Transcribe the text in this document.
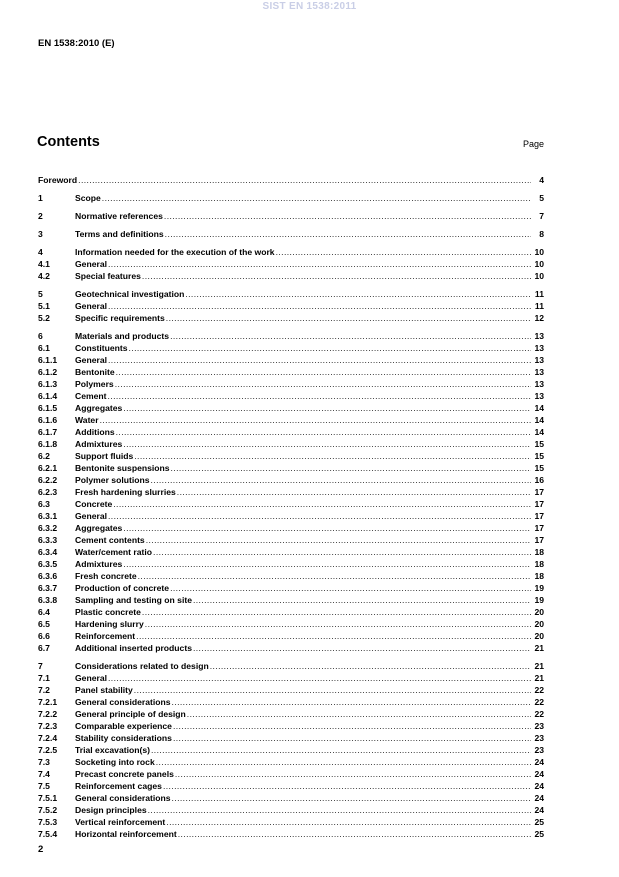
SIST EN 1538:2011
EN 1538:2010 (E)
Contents	Page
Foreword .....	4
1	Scope .....	5
2	Normative references .....	7
3	Terms and definitions .....	8
4	Information needed for the execution of the work .....	10
4.1	General .....	10
4.2	Special features .....	10
5	Geotechnical investigation .....	11
5.1	General .....	11
5.2	Specific requirements .....	12
6	Materials and products .....	13
6.1	Constituents .....	13
6.1.1	General .....	13
6.1.2	Bentonite .....	13
6.1.3	Polymers .....	13
6.1.4	Cement .....	13
6.1.5	Aggregates .....	14
6.1.6	Water .....	14
6.1.7	Additions .....	14
6.1.8	Admixtures .....	15
6.2	Support fluids .....	15
6.2.1	Bentonite suspensions .....	15
6.2.2	Polymer solutions .....	16
6.2.3	Fresh hardening slurries .....	17
6.3	Concrete .....	17
6.3.1	General .....	17
6.3.2	Aggregates .....	17
6.3.3	Cement contents .....	17
6.3.4	Water/cement ratio .....	18
6.3.5	Admixtures .....	18
6.3.6	Fresh concrete .....	18
6.3.7	Production of concrete .....	19
6.3.8	Sampling and testing on site .....	19
6.4	Plastic concrete .....	20
6.5	Hardening slurry .....	20
6.6	Reinforcement .....	20
6.7	Additional inserted products .....	21
7	Considerations related to design .....	21
7.1	General .....	21
7.2	Panel stability .....	22
7.2.1	General considerations .....	22
7.2.2	General principle of design .....	22
7.2.3	Comparable experience .....	23
7.2.4	Stability considerations .....	23
7.2.5	Trial excavation(s) .....	23
7.3	Socketing into rock .....	24
7.4	Precast concrete panels .....	24
7.5	Reinforcement cages .....	24
7.5.1	General considerations .....	24
7.5.2	Design principles .....	24
7.5.3	Vertical reinforcement .....	25
7.5.4	Horizontal reinforcement .....	25
2
